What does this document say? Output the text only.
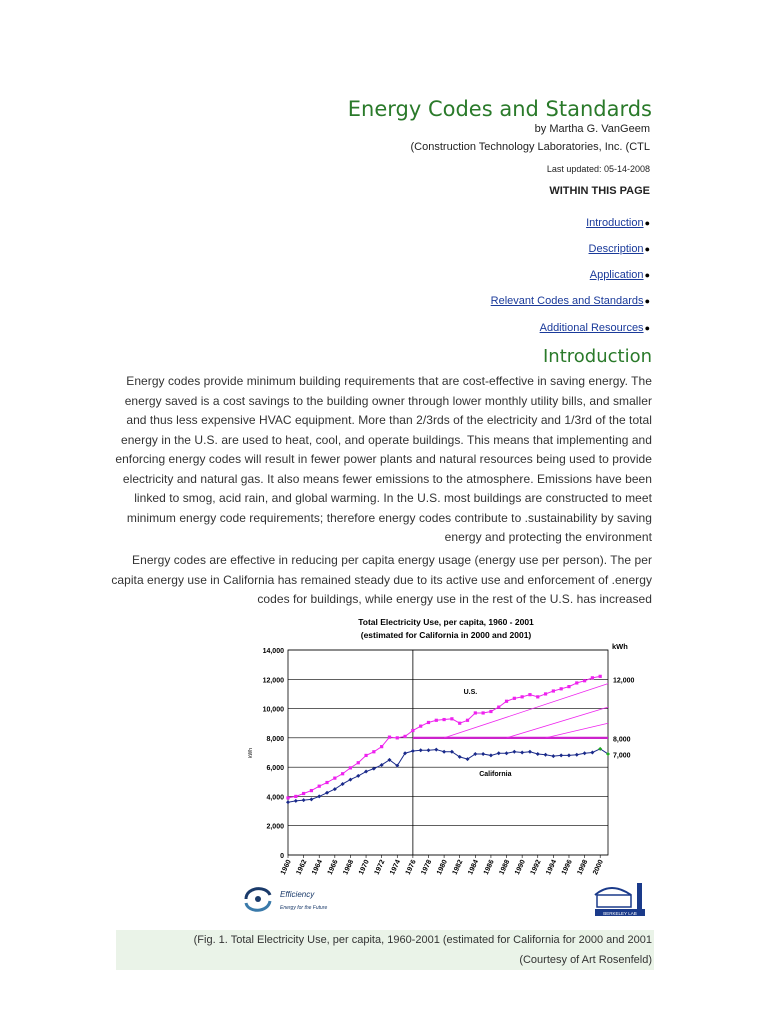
Energy Codes and Standards
by Martha G. VanGeem
(Construction Technology Laboratories, Inc. (CTL
Last updated: 05-14-2008
WITHIN THIS PAGE
Introduction●
Description●
Application●
Relevant Codes and Standards●
Additional Resources●
Introduction

Energy codes provide minimum building requirements that are cost-effective in saving energy. The energy saved is a cost savings to the building owner through lower monthly utility bills, and smaller and thus less expensive HVAC equipment. More than 2/3rds of the electricity and 1/3rd of the total energy in the U.S. are used to heat, cool, and operate buildings. This means that implementing and enforcing energy codes will result in fewer power plants and natural resources being used to provide electricity and natural gas. It also means fewer emissions to the atmosphere. Emissions have been linked to smog, acid rain, and global warming. In the U.S. most buildings are constructed to meet minimum energy code requirements; therefore energy codes contribute to .sustainability by saving energy and protecting the environment

Energy codes are effective in reducing per capita energy usage (energy use per person). The per capita energy use in California has remained steady due to its active use and enforcement of .energy codes for buildings, while energy use in the rest of the U.S. has increased

Total Electricity Use, per capita, 1960 - 2001
(estimated for California in 2000 and 2001)
kWh
kWh
0
2,000
4,000
6,000
8,000
10,000
12,000
14,000
1960 1962 1964 1966 1968 1970 1972 1974 1976 1978 1980 1982 1984 1986 1988 1990 1992 1994 1996 1998 2000
U.S.
California
12,000
8,000
7,000
Efficiency
Energy for the Future
BERKELEY LAB

(Fig. 1. Total Electricity Use, per capita, 1960-2001 (estimated for California for 2000 and 2001

(Courtesy of Art Rosenfeld)
